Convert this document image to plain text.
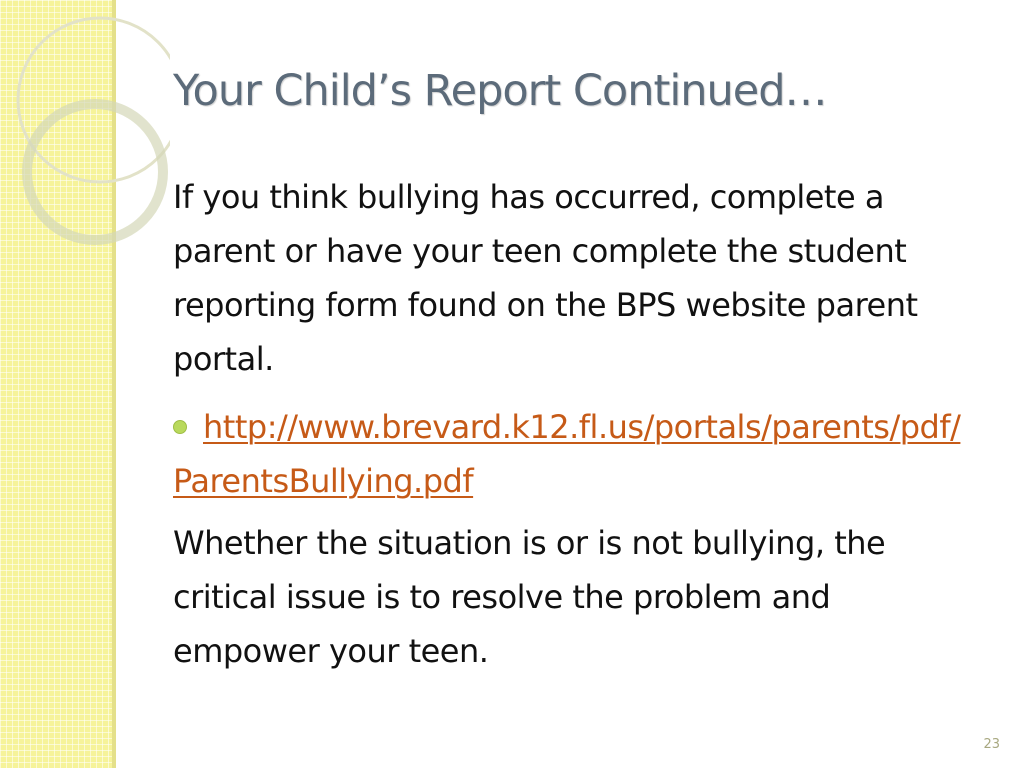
Your Child’s Report Continued…
If you think bullying has occurred, complete a parent or have your teen complete the student reporting form found on the BPS website parent portal.
http://www.brevard.k12.fl.us/portals/parents/pdf/ParentsBullying.pdf
Whether the situation is or is not bullying, the critical issue is to resolve the problem and empower your teen.
23
